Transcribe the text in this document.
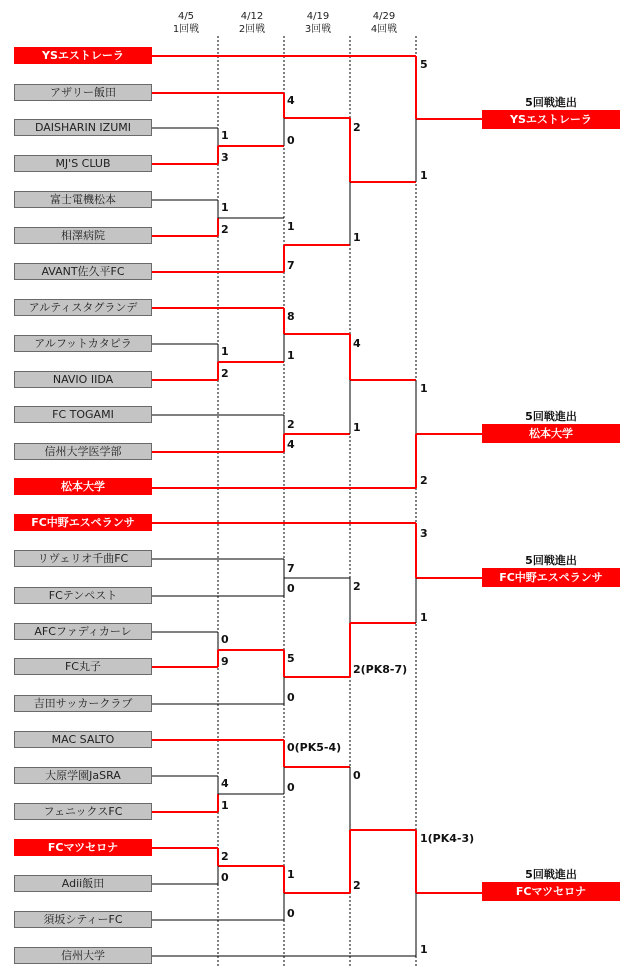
4/5
1回戦
4/12
2回戦
4/19
3回戦
4/29
4回戦
YSエストレーラ
アザリー飯田
DAISHARIN IZUMI
MJ'S CLUB
富士電機松本
相澤病院
AVANT佐久平FC
アルティスタグランデ
アルフットカタピラ
NAVIO IIDA
FC TOGAMI
信州大学医学部
松本大学
FC中野エスペランサ
リヴェリオ千曲FC
FCテンペスト
AFCファディカーレ
FC丸子
吉田サッカークラブ
MAC SALTO
大原学園JaSRA
フェニックスFC
FCマツセロナ
Adii飯田
須坂シティーFC
信州大学
1
3
1
2
1
2
0
9
4
1
2
0
4
0
1
7
8
1
2
4
7
0
5
0
0(PK5-4)
0
1
0
2
1
4
1
2
2(PK8-7)
0
2
5
1
1
2
3
1
1(PK4-3)
1
5回戦進出
YSエストレーラ
5回戦進出
松本大学
5回戦進出
FC中野エスペランサ
5回戦進出
FCマツセロナ
